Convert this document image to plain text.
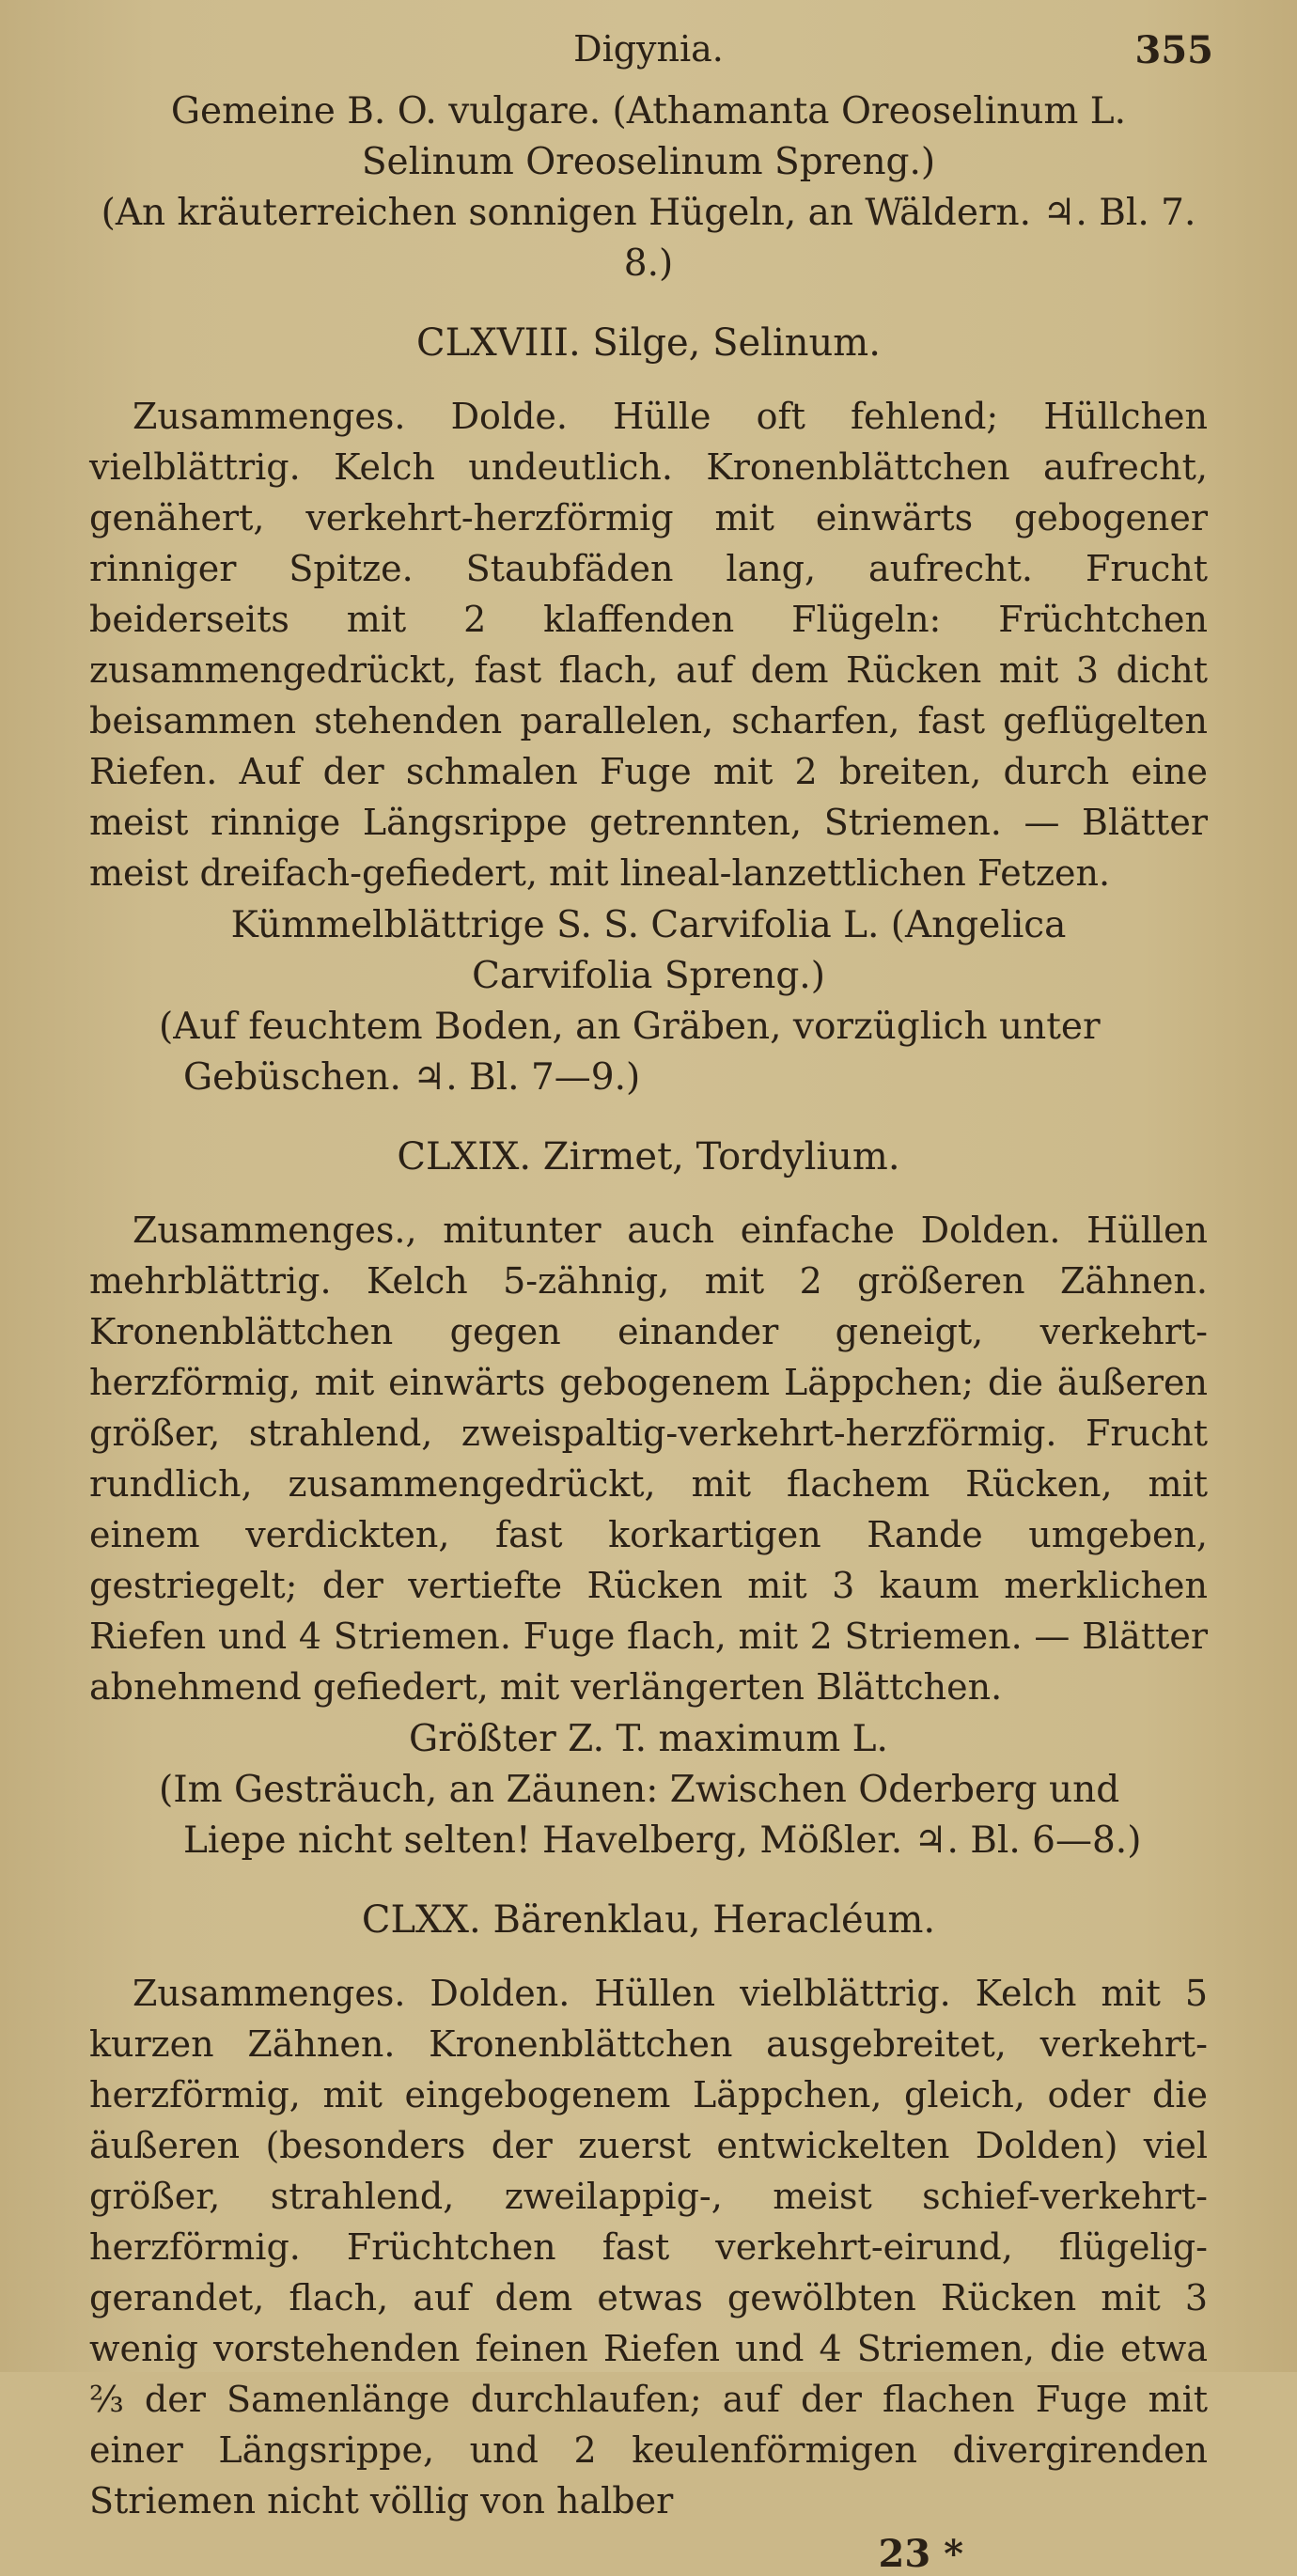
Digynia.	355

Gemeine B. O. vulgare. (Athamanta Oreoselinum L. Selinum Oreoselinum Spreng.)

(An kräuterreichen sonnigen Hügeln, an Wäldern. ♃. Bl. 7. 8.)

CLXVIII. Silge, Selinum.

Zusammenges. Dolde. Hülle oft fehlend; Hüllchen vielblättrig. Kelch undeutlich. Kronenblättchen aufrecht, genähert, verkehrt-herzförmig mit einwärts gebogener rinniger Spitze. Staubfäden lang, aufrecht. Frucht beiderseits mit 2 klaffenden Flügeln: Früchtchen zusammengedrückt, fast flach, auf dem Rücken mit 3 dicht beisammen stehenden parallelen, scharfen, fast geflügelten Riefen. Auf der schmalen Fuge mit 2 breiten, durch eine meist rinnige Längsrippe getrennten, Striemen. — Blätter meist dreifach-gefiedert, mit lineal-lanzettlichen Fetzen.

Kümmelblättrige S. S. Carvifolia L. (Angelica Carvifolia Spreng.)

(Auf feuchtem Boden, an Gräben, vorzüglich unter Gebüschen. ♃. Bl. 7—9.)

CLXIX. Zirmet, Tordylium.

Zusammenges., mitunter auch einfache Dolden. Hüllen mehrblättrig. Kelch 5-zähnig, mit 2 größeren Zähnen. Kronenblättchen gegen einander geneigt, verkehrt-herzförmig, mit einwärts gebogenem Läppchen; die äußeren größer, strahlend, zweispaltig-verkehrt-herzförmig. Frucht rundlich, zusammengedrückt, mit flachem Rücken, mit einem verdickten, fast korkartigen Rande umgeben, gestriegelt; der vertiefte Rücken mit 3 kaum merklichen Riefen und 4 Striemen. Fuge flach, mit 2 Striemen. — Blätter abnehmend gefiedert, mit verlängerten Blättchen.

Größter Z. T. maximum L.

(Im Gesträuch, an Zäunen: Zwischen Oderberg und Liepe nicht selten! Havelberg, Mößler. ♃. Bl. 6—8.)

CLXX. Bärenklau, Heracléum.

Zusammenges. Dolden. Hüllen vielblättrig. Kelch mit 5 kurzen Zähnen. Kronenblättchen ausgebreitet, verkehrt-herzförmig, mit eingebogenem Läppchen, gleich, oder die äußeren (besonders der zuerst entwickelten Dolden) viel größer, strahlend, zweilappig-, meist schief-verkehrt-herzförmig. Früchtchen fast verkehrt-eirund, flügelig-gerandet, flach, auf dem etwas gewölbten Rücken mit 3 wenig vorstehenden feinen Riefen und 4 Striemen, die etwa ⅔ der Samenlänge durchlaufen; auf der flachen Fuge mit einer Längsrippe, und 2 keulenförmigen divergirenden Striemen nicht völlig von halber

23 *
